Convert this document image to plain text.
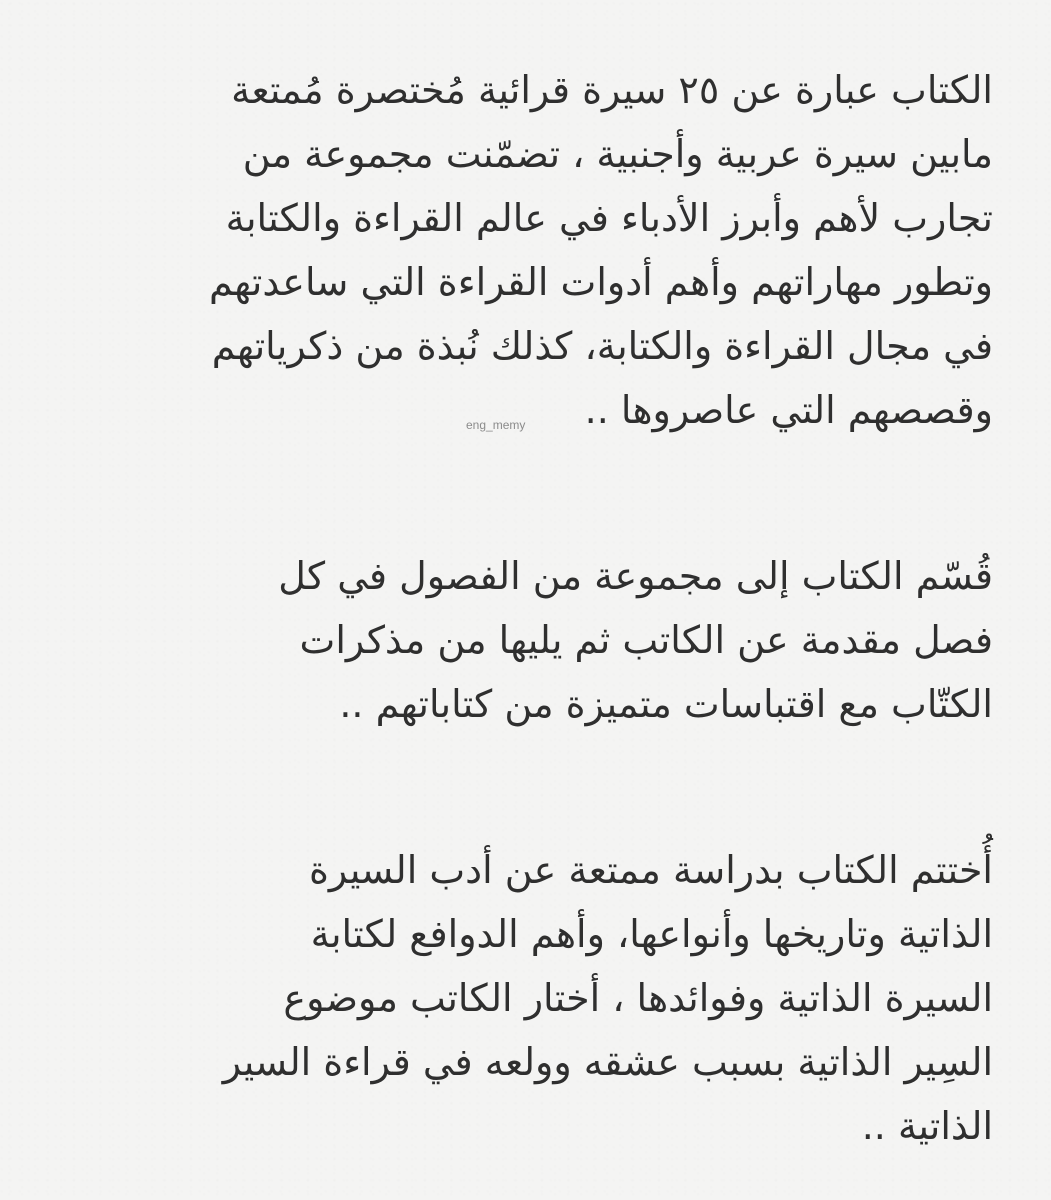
الكتاب عبارة عن ٢٥ سيرة قرائية مُختصرة مُمتعة
مابين سيرة عربية وأجنبية ، تضمّنت مجموعة من
تجارب لأهم وأبرز الأدباء في عالم القراءة والكتابة
وتطور مهاراتهم وأهم أدوات القراءة التي ساعدتهم
في مجال القراءة والكتابة، كذلك نُبذة من ذكرياتهم
وقصصهم التي عاصروها ..

قُسّم الكتاب إلى مجموعة من الفصول في كل
فصل مقدمة عن الكاتب ثم يليها من مذكرات
الكتّاب مع اقتباسات متميزة من كتاباتهم ..

أُختتم الكتاب بدراسة ممتعة عن أدب السيرة
الذاتية وتاريخها وأنواعها، وأهم الدوافع لكتابة
السيرة الذاتية وفوائدها ، أختار الكاتب موضوع
السِير الذاتية بسبب عشقه وولعه في قراءة السير
الذاتية ..

eng_memy
